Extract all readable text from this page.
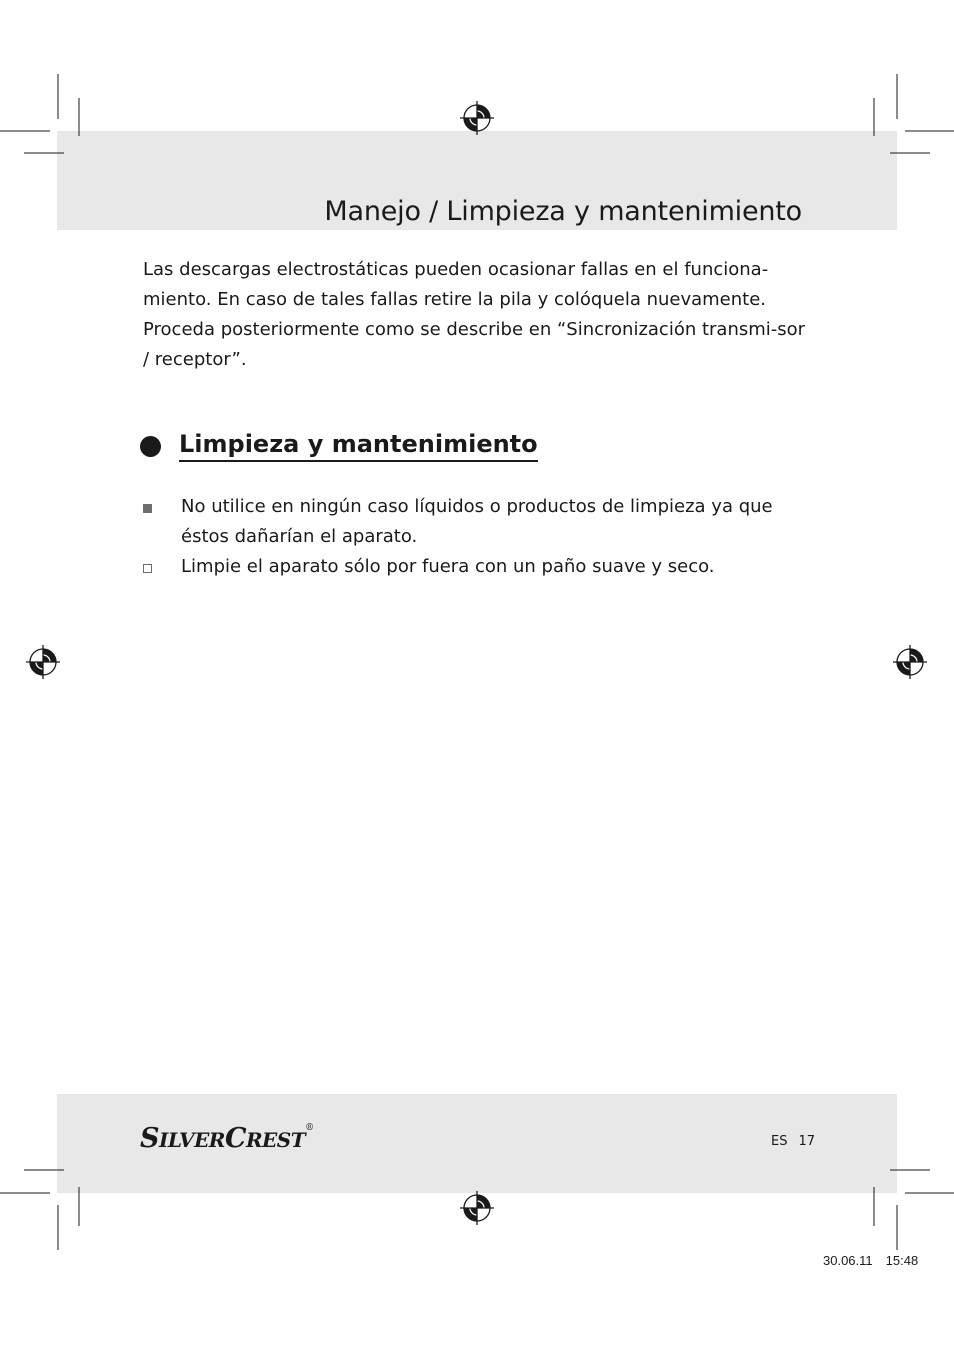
Manejo / Limpieza y mantenimiento

Las descargas electrostáticas pueden ocasionar fallas en el funciona-miento. En caso de tales fallas retire la pila y colóquela nuevamente. Proceda posteriormente como se describe en “Sincronización transmi-sor / receptor”.

Limpieza y mantenimiento
No utilice en ningún caso líquidos o productos de limpieza ya que éstos dañarían el aparato.
Limpie el aparato sólo por fuera con un paño suave y seco.
SILVERCREST®
ES 17
30.06.11 15:48
